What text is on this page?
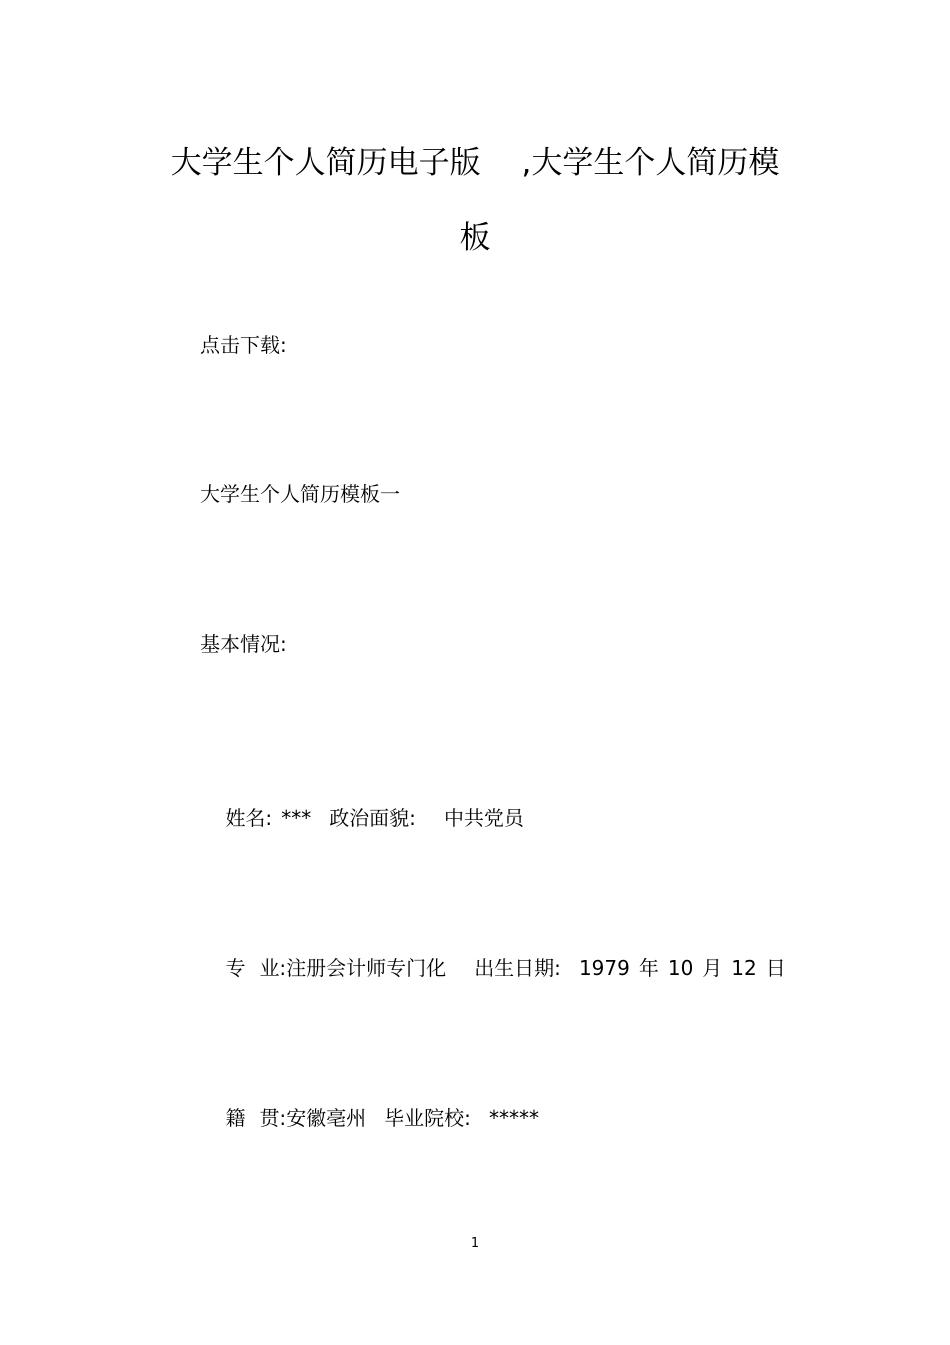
大学生个人简历电子版　 ,大学生个人简历模
板
点击下载:
大学生个人简历模板一
基本情况:

姓名: *** 政治面貌: 中共党员

专 业:注册会计师专门化 出生日期: 1979 年 10 月 12 日

籍 贯:安徽亳州 毕业院校: *****

1
